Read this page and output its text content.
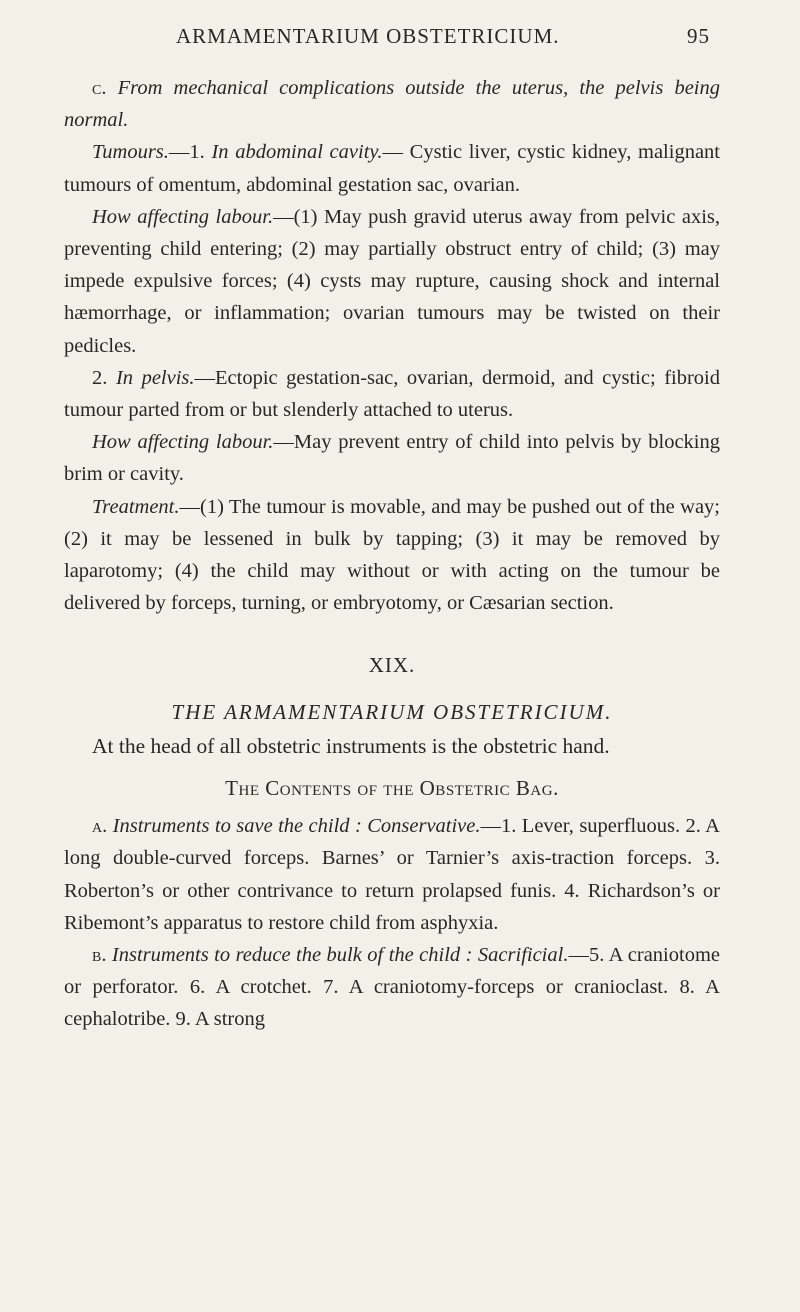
ARMAMENTARIUM OBSTETRICIUM.	95

c. From mechanical complications outside the uterus, the pelvis being normal.

Tumours.—1. In abdominal cavity.— Cystic liver, cystic kidney, malignant tumours of omentum, abdominal gestation sac, ovarian.

How affecting labour.—(1) May push gravid uterus away from pelvic axis, preventing child entering; (2) may partially obstruct entry of child; (3) may impede expulsive forces; (4) cysts may rupture, causing shock and internal hæmorrhage, or inflammation; ovarian tumours may be twisted on their pedicles.

2. In pelvis.—Ectopic gestation-sac, ovarian, dermoid, and cystic; fibroid tumour parted from or but slenderly attached to uterus.

How affecting labour.—May prevent entry of child into pelvis by blocking brim or cavity.

Treatment.—(1) The tumour is movable, and may be pushed out of the way; (2) it may be lessened in bulk by tapping; (3) it may be removed by laparotomy; (4) the child may without or with acting on the tumour be delivered by forceps, turning, or embryotomy, or Cæsarian section.

XIX.

THE ARMAMENTARIUM OBSTETRICIUM.

At the head of all obstetric instruments is the obstetric hand.

The Contents of the Obstetric Bag.

a. Instruments to save the child : Conservative.—1. Lever, superfluous. 2. A long double-curved forceps. Barnes’ or Tarnier’s axis-traction forceps. 3. Roberton’s or other contrivance to return prolapsed funis. 4. Richardson’s or Ribemont’s apparatus to restore child from asphyxia.

b. Instruments to reduce the bulk of the child : Sacrificial.—5. A craniotome or perforator. 6. A crotchet. 7. A craniotomy-forceps or cranioclast. 8. A cephalotribe. 9. A strong
